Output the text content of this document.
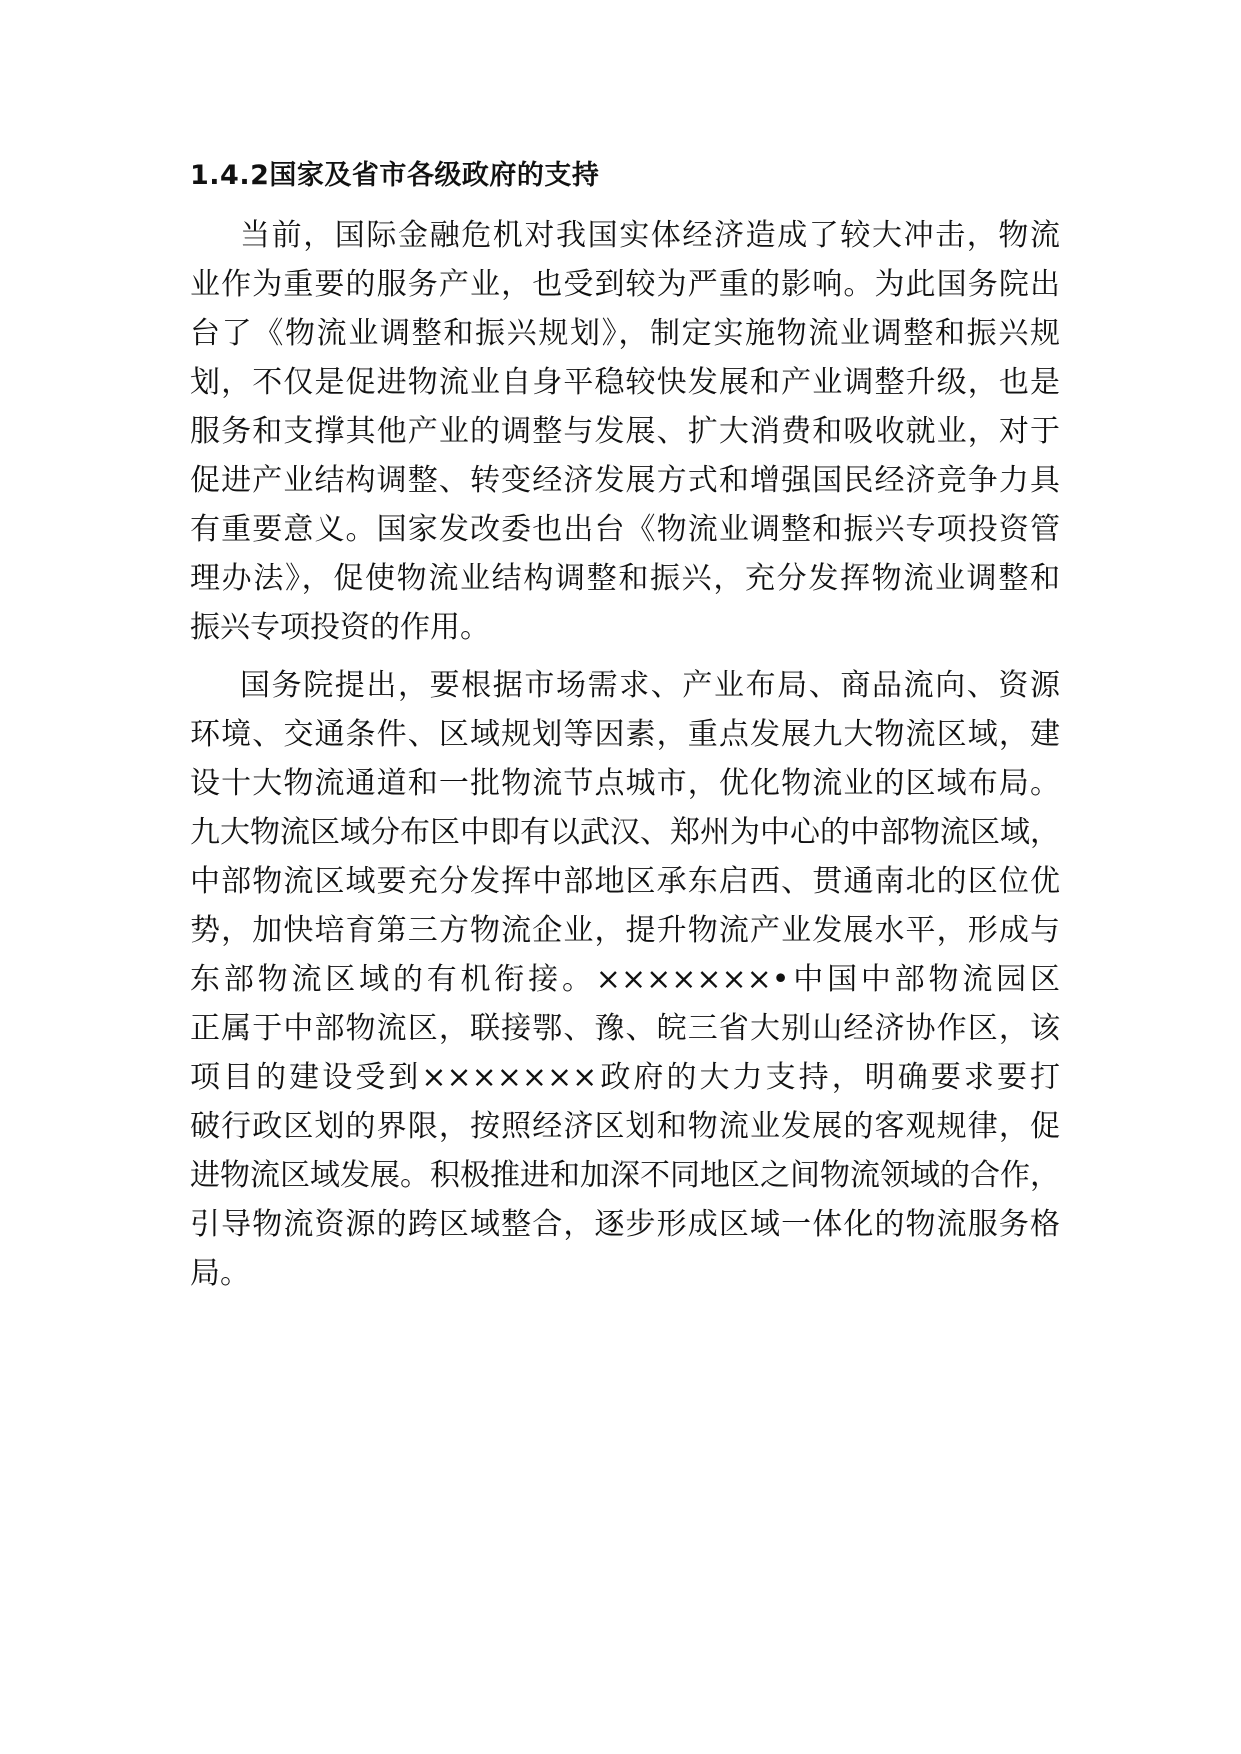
1.4.2国家及省市各级政府的支持

当前，国际金融危机对我国实体经济造成了较大冲击，物流

业作为重要的服务产业，也受到较为严重的影响。为此国务院出

台了《物流业调整和振兴规划》，制定实施物流业调整和振兴规

划，不仅是促进物流业自身平稳较快发展和产业调整升级，也是

服务和支撑其他产业的调整与发展、扩大消费和吸收就业，对于

促进产业结构调整、转变经济发展方式和增强国民经济竞争力具

有重要意义。国家发改委也出台《物流业调整和振兴专项投资管

理办法》，促使物流业结构调整和振兴，充分发挥物流业调整和

振兴专项投资的作用。

国务院提出，要根据市场需求、产业布局、商品流向、资源

环境、交通条件、区域规划等因素，重点发展九大物流区域，建

设十大物流通道和一批物流节点城市，优化物流业的区域布局。

九大物流区域分布区中即有以武汉、郑州为中心的中部物流区域，

中部物流区域要充分发挥中部地区承东启西、贯通南北的区位优

势，加快培育第三方物流企业，提升物流产业发展水平，形成与

东部物流区域的有机衔接。×××××××•中国中部物流园区

正属于中部物流区，联接鄂、豫、皖三省大别山经济协作区，该

项目的建设受到×××××××政府的大力支持，明确要求要打

破行政区划的界限，按照经济区划和物流业发展的客观规律，促

进物流区域发展。积极推进和加深不同地区之间物流领域的合作，

引导物流资源的跨区域整合，逐步形成区域一体化的物流服务格

局。
